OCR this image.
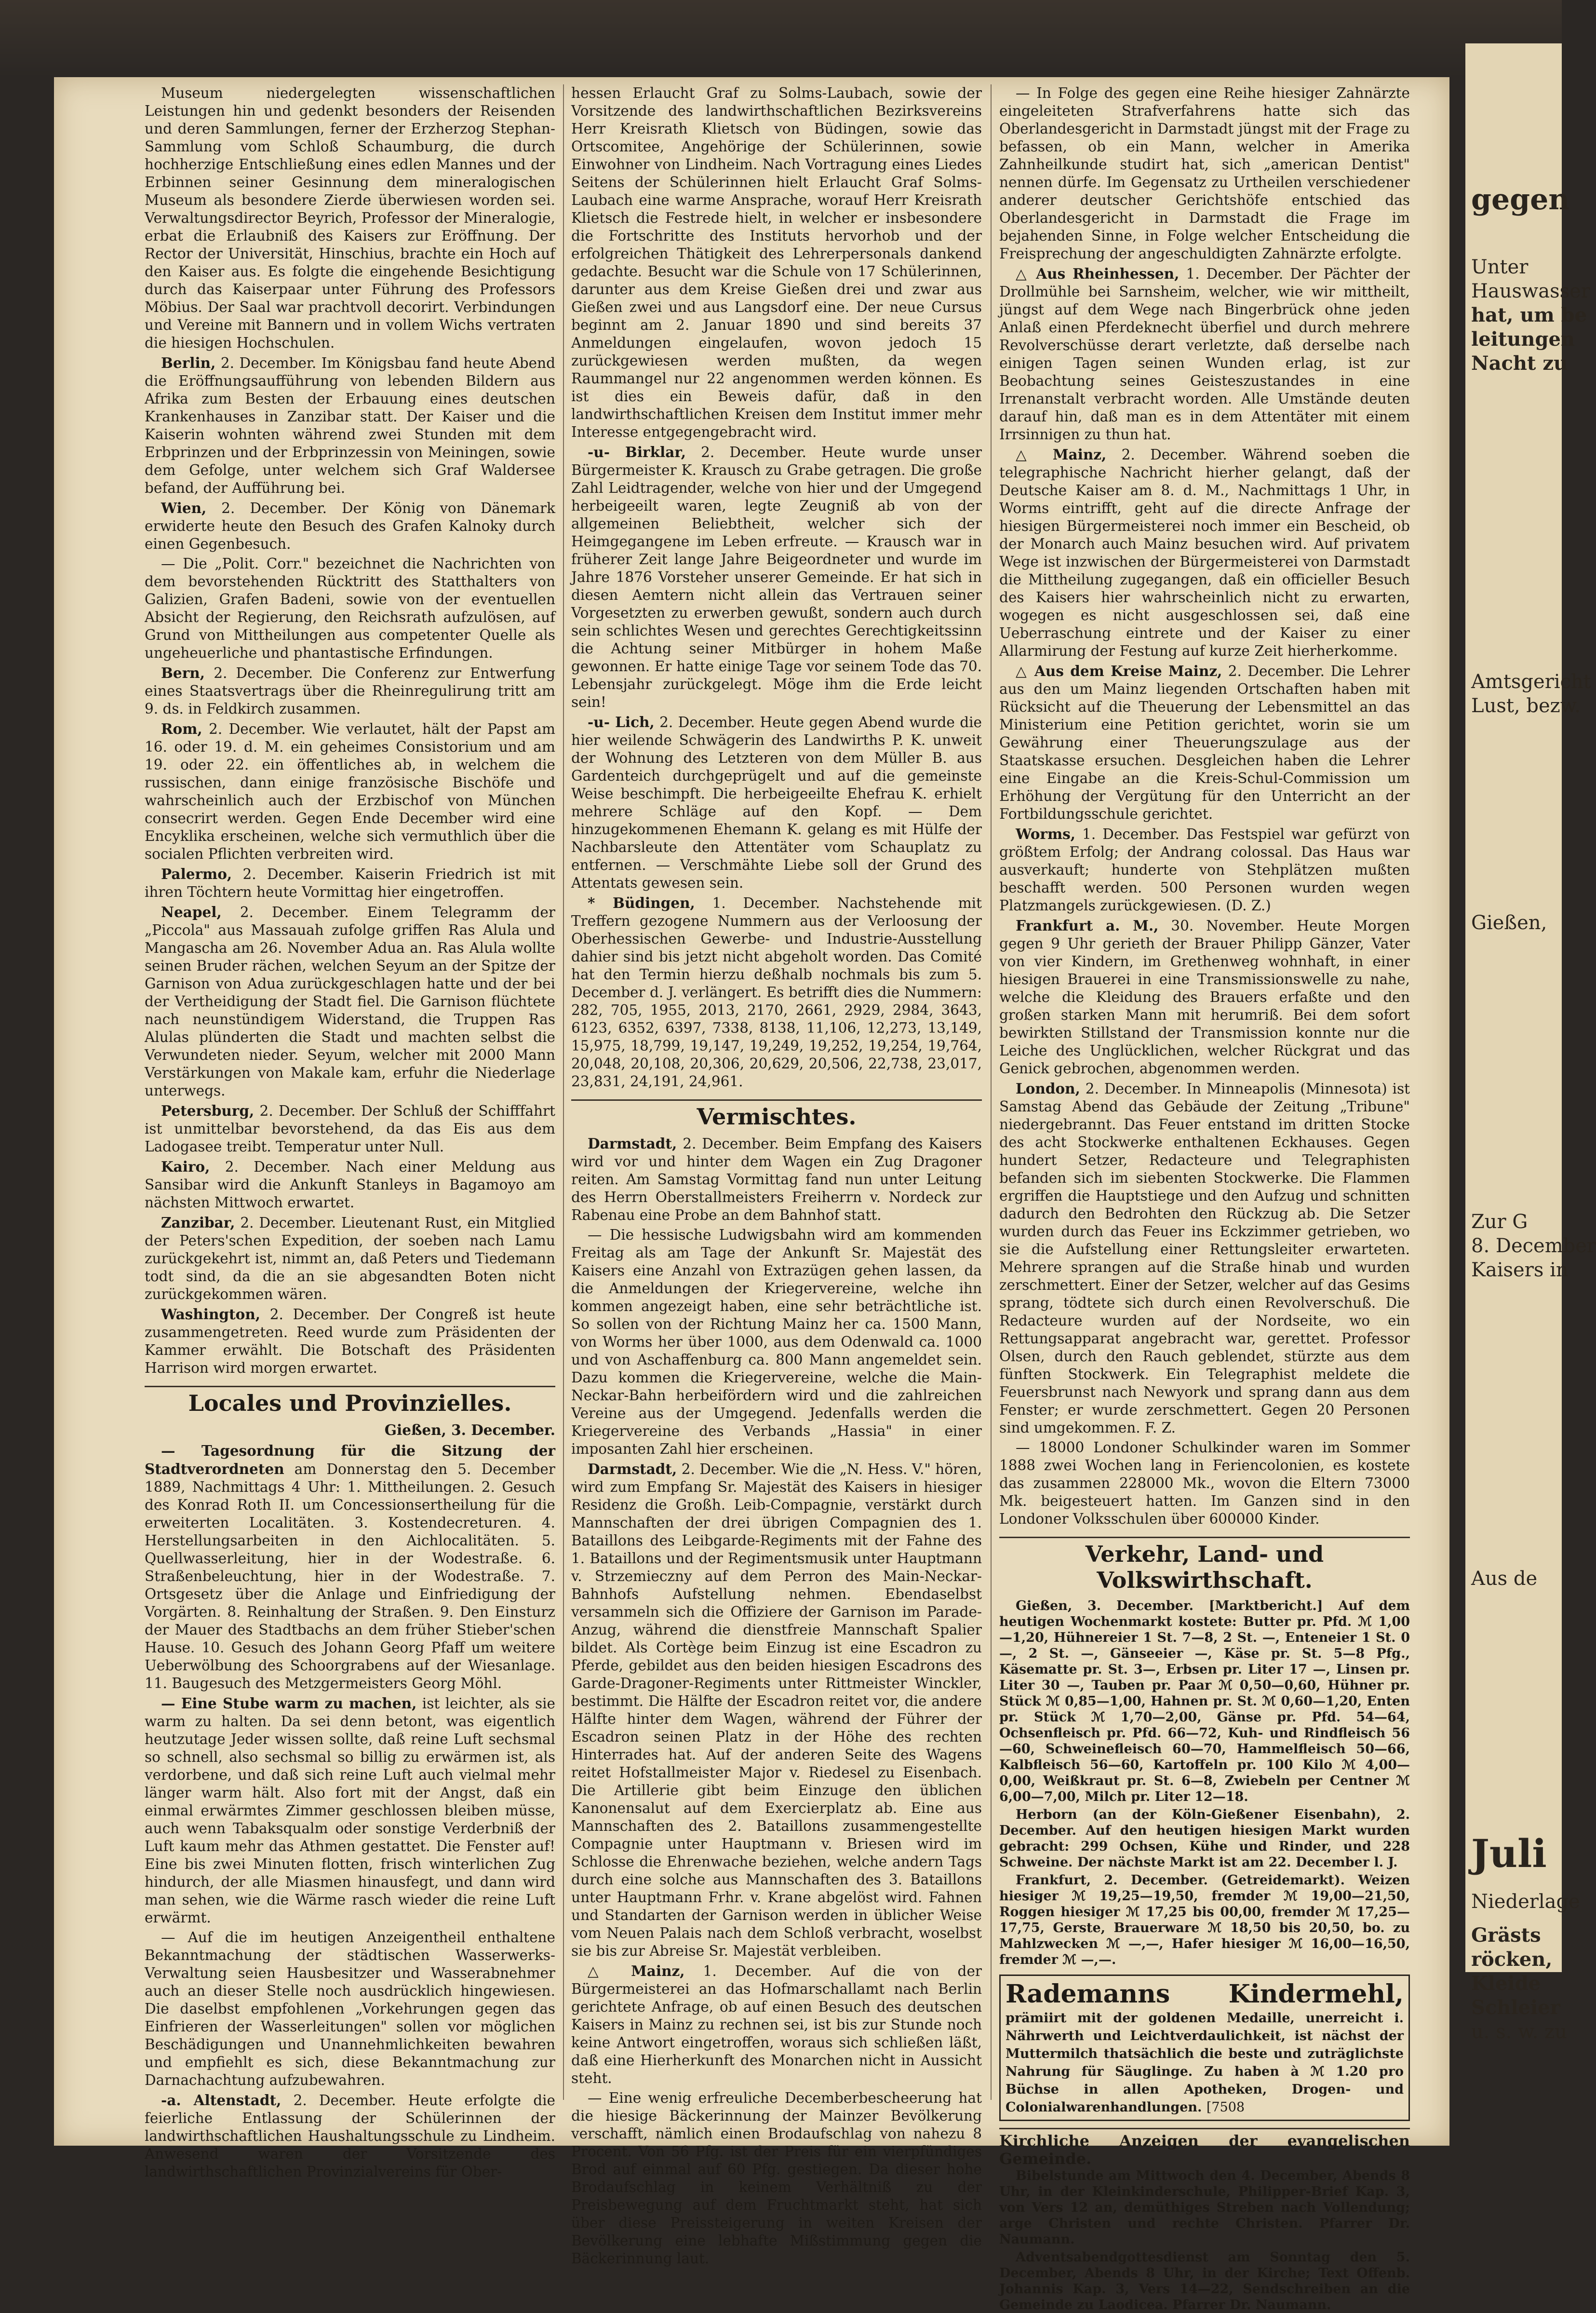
Museum niedergelegten wissenschaftlichen Leistungen hin und gedenkt besonders der Reisenden und deren Sammlungen, ferner der Erzherzog Stephan-Sammlung vom Schloß Schaumburg, die durch hochherzige Entschließung eines edlen Mannes und der Erbinnen seiner Gesinnung dem mineralogischen Museum als besondere Zierde überwiesen worden sei. Verwaltungsdirector Beyrich, Professor der Mineralogie, erbat die Erlaubniß des Kaisers zur Eröffnung. Der Rector der Universität, Hinschius, brachte ein Hoch auf den Kaiser aus. Es folgte die eingehende Besichtigung durch das Kaiserpaar unter Führung des Professors Möbius. Der Saal war prachtvoll decorirt. Verbindungen und Vereine mit Bannern und in vollem Wichs vertraten die hiesigen Hochschulen.

Berlin, 2. December. Im Königsbau fand heute Abend die Eröffnungsaufführung von lebenden Bildern aus Afrika zum Besten der Erbauung eines deutschen Krankenhauses in Zanzibar statt. Der Kaiser und die Kaiserin wohnten während zwei Stunden mit dem Erbprinzen und der Erbprinzessin von Meiningen, sowie dem Gefolge, unter welchem sich Graf Waldersee befand, der Aufführung bei.

Wien, 2. December. Der König von Dänemark erwiderte heute den Besuch des Grafen Kalnoky durch einen Gegenbesuch.

— Die „Polit. Corr." bezeichnet die Nachrichten von dem bevorstehenden Rücktritt des Statthalters von Galizien, Grafen Badeni, sowie von der eventuellen Absicht der Regierung, den Reichsrath aufzulösen, auf Grund von Mittheilungen aus competenter Quelle als ungeheuerliche und phantastische Erfindungen.

Bern, 2. December. Die Conferenz zur Entwerfung eines Staatsvertrags über die Rheinregulirung tritt am 9. ds. in Feldkirch zusammen.

Rom, 2. December. Wie verlautet, hält der Papst am 16. oder 19. d. M. ein geheimes Consistorium und am 19. oder 22. ein öffentliches ab, in welchem die russischen, dann einige französische Bischöfe und wahrscheinlich auch der Erzbischof von München consecrirt werden. Gegen Ende December wird eine Encyklika erscheinen, welche sich vermuthlich über die socialen Pflichten verbreiten wird.

Palermo, 2. December. Kaiserin Friedrich ist mit ihren Töchtern heute Vormittag hier eingetroffen.

Neapel, 2. December. Einem Telegramm der „Piccola" aus Massauah zufolge griffen Ras Alula und Mangascha am 26. November Adua an. Ras Alula wollte seinen Bruder rächen, welchen Seyum an der Spitze der Garnison von Adua zurückgeschlagen hatte und der bei der Vertheidigung der Stadt fiel. Die Garnison flüchtete nach neunstündigem Widerstand, die Truppen Ras Alulas plünderten die Stadt und machten selbst die Verwundeten nieder. Seyum, welcher mit 2000 Mann Verstärkungen von Makale kam, erfuhr die Niederlage unterwegs.

Petersburg, 2. December. Der Schluß der Schifffahrt ist unmittelbar bevorstehend, da das Eis aus dem Ladogasee treibt. Temperatur unter Null.

Kairo, 2. December. Nach einer Meldung aus Sansibar wird die Ankunft Stanleys in Bagamoyo am nächsten Mittwoch erwartet.

Zanzibar, 2. December. Lieutenant Rust, ein Mitglied der Peters'schen Expedition, der soeben nach Lamu zurückgekehrt ist, nimmt an, daß Peters und Tiedemann todt sind, da die an sie abgesandten Boten nicht zurückgekommen wären.

Washington, 2. December. Der Congreß ist heute zusammengetreten. Reed wurde zum Präsidenten der Kammer erwählt. Die Botschaft des Präsidenten Harrison wird morgen erwartet.

Locales und Provinzielles.
Gießen, 3. December.

— Tagesordnung für die Sitzung der Stadtverordneten am Donnerstag den 5. December 1889, Nachmittags 4 Uhr: 1. Mittheilungen. 2. Gesuch des Konrad Roth II. um Concessionsertheilung für die erweiterten Localitäten. 3. Kostendecreturen. 4. Herstellungsarbeiten in den Aichlocalitäten. 5. Quellwasserleitung, hier in der Wodestraße. 6. Straßenbeleuchtung, hier in der Wodestraße. 7. Ortsgesetz über die Anlage und Einfriedigung der Vorgärten. 8. Reinhaltung der Straßen. 9. Den Einsturz der Mauer des Stadtbachs an dem früher Stieber'schen Hause. 10. Gesuch des Johann Georg Pfaff um weitere Ueberwölbung des Schoorgrabens auf der Wiesanlage. 11. Baugesuch des Metzgermeisters Georg Möhl.

— Eine Stube warm zu machen, ist leichter, als sie warm zu halten. Da sei denn betont, was eigentlich heutzutage Jeder wissen sollte, daß reine Luft sechsmal so schnell, also sechsmal so billig zu erwärmen ist, als verdorbene, und daß sich reine Luft auch vielmal mehr länger warm hält. Also fort mit der Angst, daß ein einmal erwärmtes Zimmer geschlossen bleiben müsse, auch wenn Tabaksqualm oder sonstige Verderbniß der Luft kaum mehr das Athmen gestattet. Die Fenster auf! Eine bis zwei Minuten flotten, frisch winterlichen Zug hindurch, der alle Miasmen hinausfegt, und dann wird man sehen, wie die Wärme rasch wieder die reine Luft erwärmt.

— Auf die im heutigen Anzeigentheil enthaltene Bekanntmachung der städtischen Wasserwerks-Verwaltung seien Hausbesitzer und Wasserabnehmer auch an dieser Stelle noch ausdrücklich hingewiesen. Die daselbst empfohlenen „Vorkehrungen gegen das Einfrieren der Wasserleitungen" sollen vor möglichen Beschädigungen und Unannehmlichkeiten bewahren und empfiehlt es sich, diese Bekanntmachung zur Darnachachtung aufzubewahren.

-a. Altenstadt, 2. December. Heute erfolgte die feierliche Entlassung der Schülerinnen der landwirthschaftlichen Haushaltungsschule zu Lindheim. Anwesend waren der Vorsitzende des landwirthschaftlichen Provinzialvereins für Ober-

hessen Erlaucht Graf zu Solms-Laubach, sowie der Vorsitzende des landwirthschaftlichen Bezirksvereins Herr Kreisrath Klietsch von Büdingen, sowie das Ortscomitee, Angehörige der Schülerinnen, sowie Einwohner von Lindheim. Nach Vortragung eines Liedes Seitens der Schülerinnen hielt Erlaucht Graf Solms-Laubach eine warme Ansprache, worauf Herr Kreisrath Klietsch die Festrede hielt, in welcher er insbesondere die Fortschritte des Instituts hervorhob und der erfolgreichen Thätigkeit des Lehrerpersonals dankend gedachte. Besucht war die Schule von 17 Schülerinnen, darunter aus dem Kreise Gießen drei und zwar aus Gießen zwei und aus Langsdorf eine. Der neue Cursus beginnt am 2. Januar 1890 und sind bereits 37 Anmeldungen eingelaufen, wovon jedoch 15 zurückgewiesen werden mußten, da wegen Raummangel nur 22 angenommen werden können. Es ist dies ein Beweis dafür, daß in den landwirthschaftlichen Kreisen dem Institut immer mehr Interesse entgegengebracht wird.

-u- Birklar, 2. December. Heute wurde unser Bürgermeister K. Krausch zu Grabe getragen. Die große Zahl Leidtragender, welche von hier und der Umgegend herbeigeeilt waren, legte Zeugniß ab von der allgemeinen Beliebtheit, welcher sich der Heimgegangene im Leben erfreute. — Krausch war in früherer Zeit lange Jahre Beigeordneter und wurde im Jahre 1876 Vorsteher unserer Gemeinde. Er hat sich in diesen Aemtern nicht allein das Vertrauen seiner Vorgesetzten zu erwerben gewußt, sondern auch durch sein schlichtes Wesen und gerechtes Gerechtigkeitssinn die Achtung seiner Mitbürger in hohem Maße gewonnen. Er hatte einige Tage vor seinem Tode das 70. Lebensjahr zurückgelegt. Möge ihm die Erde leicht sein!

-u- Lich, 2. December. Heute gegen Abend wurde die hier weilende Schwägerin des Landwirths P. K. unweit der Wohnung des Letzteren von dem Müller B. aus Gardenteich durchgeprügelt und auf die gemeinste Weise beschimpft. Die herbeigeeilte Ehefrau K. erhielt mehrere Schläge auf den Kopf. — Dem hinzugekommenen Ehemann K. gelang es mit Hülfe der Nachbarsleute den Attentäter vom Schauplatz zu entfernen. — Verschmähte Liebe soll der Grund des Attentats gewesen sein.

* Büdingen, 1. December. Nachstehende mit Treffern gezogene Nummern aus der Verloosung der Oberhessischen Gewerbe- und Industrie-Ausstellung dahier sind bis jetzt nicht abgeholt worden. Das Comité hat den Termin hierzu deßhalb nochmals bis zum 5. December d. J. verlängert. Es betrifft dies die Nummern: 282, 705, 1955, 2013, 2170, 2661, 2929, 2984, 3643, 6123, 6352, 6397, 7338, 8138, 11,106, 12,273, 13,149, 15,975, 18,799, 19,147, 19,249, 19,252, 19,254, 19,764, 20,048, 20,108, 20,306, 20,629, 20,506, 22,738, 23,017, 23,831, 24,191, 24,961.

Vermischtes.

Darmstadt, 2. December. Beim Empfang des Kaisers wird vor und hinter dem Wagen ein Zug Dragoner reiten. Am Samstag Vormittag fand nun unter Leitung des Herrn Oberstallmeisters Freiherrn v. Nordeck zur Rabenau eine Probe an dem Bahnhof statt.

— Die hessische Ludwigsbahn wird am kommenden Freitag als am Tage der Ankunft Sr. Majestät des Kaisers eine Anzahl von Extrazügen gehen lassen, da die Anmeldungen der Kriegervereine, welche ihn kommen angezeigt haben, eine sehr beträchtliche ist. So sollen von der Richtung Mainz her ca. 1500 Mann, von Worms her über 1000, aus dem Odenwald ca. 1000 und von Aschaffenburg ca. 800 Mann angemeldet sein. Dazu kommen die Kriegervereine, welche die Main-Neckar-Bahn herbeifördern wird und die zahlreichen Vereine aus der Umgegend. Jedenfalls werden die Kriegervereine des Verbands „Hassia" in einer imposanten Zahl hier erscheinen.

Darmstadt, 2. December. Wie die „N. Hess. V." hören, wird zum Empfang Sr. Majestät des Kaisers in hiesiger Residenz die Großh. Leib-Compagnie, verstärkt durch Mannschaften der drei übrigen Compagnien des 1. Bataillons des Leibgarde-Regiments mit der Fahne des 1. Bataillons und der Regimentsmusik unter Hauptmann v. Strzemieczny auf dem Perron des Main-Neckar-Bahnhofs Aufstellung nehmen. Ebendaselbst versammeln sich die Offiziere der Garnison im Parade-Anzug, während die dienstfreie Mannschaft Spalier bildet. Als Cortège beim Einzug ist eine Escadron zu Pferde, gebildet aus den beiden hiesigen Escadrons des Garde-Dragoner-Regiments unter Rittmeister Winckler, bestimmt. Die Hälfte der Escadron reitet vor, die andere Hälfte hinter dem Wagen, während der Führer der Escadron seinen Platz in der Höhe des rechten Hinterrades hat. Auf der anderen Seite des Wagens reitet Hofstallmeister Major v. Riedesel zu Eisenbach. Die Artillerie gibt beim Einzuge den üblichen Kanonensalut auf dem Exercierplatz ab. Eine aus Mannschaften des 2. Bataillons zusammengestellte Compagnie unter Hauptmann v. Briesen wird im Schlosse die Ehrenwache beziehen, welche andern Tags durch eine solche aus Mannschaften des 3. Bataillons unter Hauptmann Frhr. v. Krane abgelöst wird. Fahnen und Standarten der Garnison werden in üblicher Weise vom Neuen Palais nach dem Schloß verbracht, woselbst sie bis zur Abreise Sr. Majestät verbleiben.

△ Mainz, 1. December. Auf die von der Bürgermeisterei an das Hofmarschallamt nach Berlin gerichtete Anfrage, ob auf einen Besuch des deutschen Kaisers in Mainz zu rechnen sei, ist bis zur Stunde noch keine Antwort eingetroffen, woraus sich schließen läßt, daß eine Hierherkunft des Monarchen nicht in Aussicht steht.

— Eine wenig erfreuliche Decemberbescheerung hat die hiesige Bäckerinnung der Mainzer Bevölkerung verschafft, nämlich einen Brodaufschlag von nahezu 8 Procent. Von 56 Pfg. ist der Preis für ein vierpfündiges Brod auf einmal auf 60 Pfg. gestiegen. Da dieser hohe Brodaufschlag in keinem Verhältniß zu der Preisbewegung auf dem Fruchtmarkt steht, hat sich über diese Preissteigerung in weiten Kreisen der Bevölkerung eine lebhafte Mißstimmung gegen die Bäckerinnung laut.

— In Folge des gegen eine Reihe hiesiger Zahnärzte eingeleiteten Strafverfahrens hatte sich das Oberlandesgericht in Darmstadt jüngst mit der Frage zu befassen, ob ein Mann, welcher in Amerika Zahnheilkunde studirt hat, sich „american Dentist" nennen dürfe. Im Gegensatz zu Urtheilen verschiedener anderer deutscher Gerichtshöfe entschied das Oberlandesgericht in Darmstadt die Frage im bejahenden Sinne, in Folge welcher Entscheidung die Freisprechung der angeschuldigten Zahnärzte erfolgte.

△ Aus Rheinhessen, 1. December. Der Pächter der Drollmühle bei Sarnsheim, welcher, wie wir mittheilt, jüngst auf dem Wege nach Bingerbrück ohne jeden Anlaß einen Pferdeknecht überfiel und durch mehrere Revolverschüsse derart verletzte, daß derselbe nach einigen Tagen seinen Wunden erlag, ist zur Beobachtung seines Geisteszustandes in eine Irrenanstalt verbracht worden. Alle Umstände deuten darauf hin, daß man es in dem Attentäter mit einem Irrsinnigen zu thun hat.

△ Mainz, 2. December. Während soeben die telegraphische Nachricht hierher gelangt, daß der Deutsche Kaiser am 8. d. M., Nachmittags 1 Uhr, in Worms eintrifft, geht auf die directe Anfrage der hiesigen Bürgermeisterei noch immer ein Bescheid, ob der Monarch auch Mainz besuchen wird. Auf privatem Wege ist inzwischen der Bürgermeisterei von Darmstadt die Mittheilung zugegangen, daß ein officieller Besuch des Kaisers hier wahrscheinlich nicht zu erwarten, wogegen es nicht ausgeschlossen sei, daß eine Ueberraschung eintrete und der Kaiser zu einer Allarmirung der Festung auf kurze Zeit hierherkomme.

△ Aus dem Kreise Mainz, 2. December. Die Lehrer aus den um Mainz liegenden Ortschaften haben mit Rücksicht auf die Theuerung der Lebensmittel an das Ministerium eine Petition gerichtet, worin sie um Gewährung einer Theuerungszulage aus der Staatskasse ersuchen. Desgleichen haben die Lehrer eine Eingabe an die Kreis-Schul-Commission um Erhöhung der Vergütung für den Unterricht an der Fortbildungsschule gerichtet.

Worms, 1. December. Das Festspiel war gefürzt von größtem Erfolg; der Andrang colossal. Das Haus war ausverkauft; hunderte von Stehplätzen mußten beschafft werden. 500 Personen wurden wegen Platzmangels zurückgewiesen. (D. Z.)

Frankfurt a. M., 30. November. Heute Morgen gegen 9 Uhr gerieth der Brauer Philipp Gänzer, Vater von vier Kindern, im Grethenweg wohnhaft, in einer hiesigen Brauerei in eine Transmissionswelle zu nahe, welche die Kleidung des Brauers erfaßte und den großen starken Mann mit herumriß. Bei dem sofort bewirkten Stillstand der Transmission konnte nur die Leiche des Unglücklichen, welcher Rückgrat und das Genick gebrochen, abgenommen werden.

London, 2. December. In Minneapolis (Minnesota) ist Samstag Abend das Gebäude der Zeitung „Tribune" niedergebrannt. Das Feuer entstand im dritten Stocke des acht Stockwerke enthaltenen Eckhauses. Gegen hundert Setzer, Redacteure und Telegraphisten befanden sich im siebenten Stockwerke. Die Flammen ergriffen die Hauptstiege und den Aufzug und schnitten dadurch den Bedrohten den Rückzug ab. Die Setzer wurden durch das Feuer ins Eckzimmer getrieben, wo sie die Aufstellung einer Rettungsleiter erwarteten. Mehrere sprangen auf die Straße hinab und wurden zerschmettert. Einer der Setzer, welcher auf das Gesims sprang, tödtete sich durch einen Revolverschuß. Die Redacteure wurden auf der Nordseite, wo ein Rettungsapparat angebracht war, gerettet. Professor Olsen, durch den Rauch geblendet, stürzte aus dem fünften Stockwerk. Ein Telegraphist meldete die Feuersbrunst nach Newyork und sprang dann aus dem Fenster; er wurde zerschmettert. Gegen 20 Personen sind umgekommen. F. Z.

— 18000 Londoner Schulkinder waren im Sommer 1888 zwei Wochen lang in Feriencolonien, es kostete das zusammen 228000 Mk., wovon die Eltern 73000 Mk. beigesteuert hatten. Im Ganzen sind in den Londoner Volksschulen über 600000 Kinder.

Verkehr, Land- und Volkswirthschaft.

Gießen, 3. December. [Marktbericht.] Auf dem heutigen Wochenmarkt kostete: Butter pr. Pfd. ℳ 1,00—1,20, Hühnereier 1 St. 7—8, 2 St. —, Enteneier 1 St. 0—, 2 St. —, Gänseeier —, Käse pr. St. 5—8 Pfg., Käsematte pr. St. 3—, Erbsen pr. Liter 17 —, Linsen pr. Liter 30 —, Tauben pr. Paar ℳ 0,50—0,60, Hühner pr. Stück ℳ 0,85—1,00, Hahnen pr. St. ℳ 0,60—1,20, Enten pr. Stück ℳ 1,70—2,00, Gänse pr. Pfd. 54—64, Ochsenfleisch pr. Pfd. 66—72, Kuh- und Rindfleisch 56—60, Schweinefleisch 60—70, Hammelfleisch 50—66, Kalbfleisch 56—60, Kartoffeln pr. 100 Kilo ℳ 4,00—0,00, Weißkraut pr. St. 6—8, Zwiebeln per Centner ℳ 6,00—7,00, Milch pr. Liter 12—18.

Herborn (an der Köln-Gießener Eisenbahn), 2. December. Auf den heutigen hiesigen Markt wurden gebracht: 299 Ochsen, Kühe und Rinder, und 228 Schweine. Der nächste Markt ist am 22. December l. J.

Frankfurt, 2. December. (Getreidemarkt). Weizen hiesiger ℳ 19,25—19,50, fremder ℳ 19,00—21,50, Roggen hiesiger ℳ 17,25 bis 00,00, fremder ℳ 17,25—17,75, Gerste, Brauerware ℳ 18,50 bis 20,50, bo. zu Mahlzwecken ℳ —,—, Hafer hiesiger ℳ 16,00—16,50, fremder ℳ —,—.

Rademanns Kindermehl, prämiirt mit der goldenen Medaille, unerreicht i. Nährwerth und Leichtverdaulichkeit, ist nächst der Muttermilch thatsächlich die beste und zuträglichste Nahrung für Säuglinge. Zu haben à ℳ 1.20 pro Büchse in allen Apotheken, Drogen- und Colonialwarenhandlungen. [7508
Kirchliche Anzeigen der evangelischen Gemeinde.

Bibelstunde am Mittwoch den 4. December, Abends 8 Uhr, in der Kleinkinderschule, Philipper-Brief Kap. 3, von Vers 12 an, demüthiges Streben nach Vollendung; arge Christen und rechte Christen. Pfarrer Dr. Naumann.

Adventsabendgottesdienst am Sonntag den 5. December, Abends 8 Uhr, in der Kirche; Text Offenb. Johannis Kap. 3, Vers 14—22, Sendschreiben an die Gemeinde zu Laodicea. Pfarrer Dr. Naumann.

gegen
Unter
Hauswasser
hat, um be
leitungen
Nacht zu
Amtsgericht
Lust, bezw.
Gießen,
Zur G
8. December
Kaisers in
Aus de
Juli
Niederlage
Grästs
röcken,
Kleide
Schleier
u. s. w. zu
